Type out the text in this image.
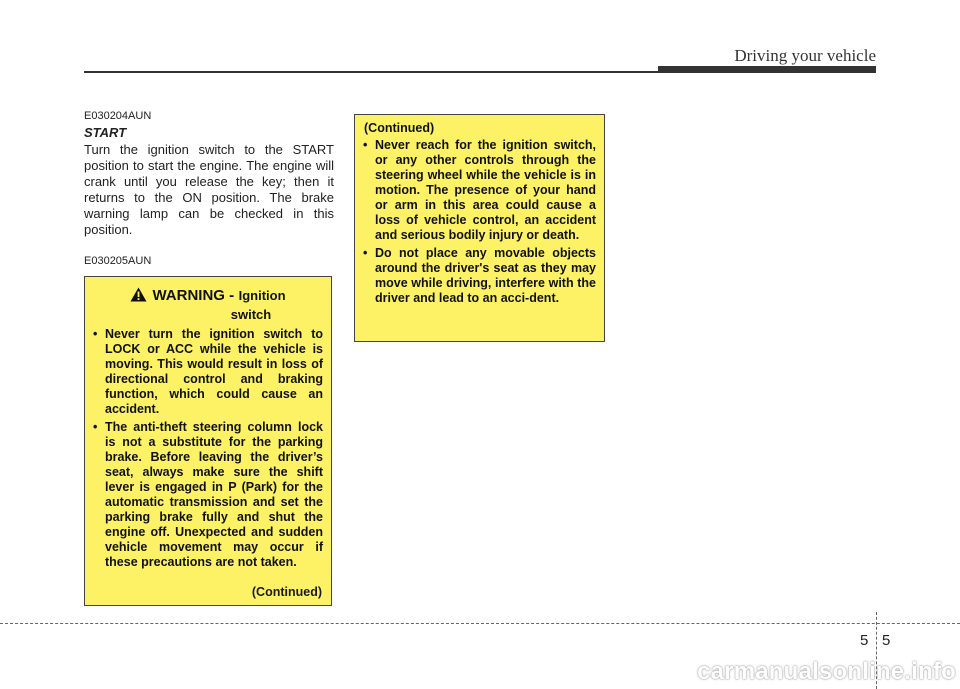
Driving your vehicle
E030204AUN
START
Turn the ignition switch to the START position to start the engine. The engine will crank until you release the key; then it returns to the ON position. The brake warning lamp can be checked in this position.
E030205AUN
WARNING - Ignition

switch
• Never turn the ignition switch to LOCK or ACC while the vehicle is moving. This would result in loss of directional control and braking function, which could cause an accident.
• The anti-theft steering column lock is not a substitute for the parking brake. Before leaving the driver’s seat, always make sure the shift lever is engaged in P (Park) for the automatic transmission and set the parking brake fully and shut the engine off. Unexpected and sudden vehicle movement may occur if these precautions are not taken.
(Continued)
(Continued)
• Never reach for the ignition switch, or any other controls through the steering wheel while the vehicle is in motion. The presence of your hand or arm in this area could cause a loss of vehicle control, an accident and serious bodily injury or death.
• Do not place any movable objects around the driver's seat as they may move while driving, interfere with the driver and lead to an acci-dent.
5 5
carmanualsonline.info
